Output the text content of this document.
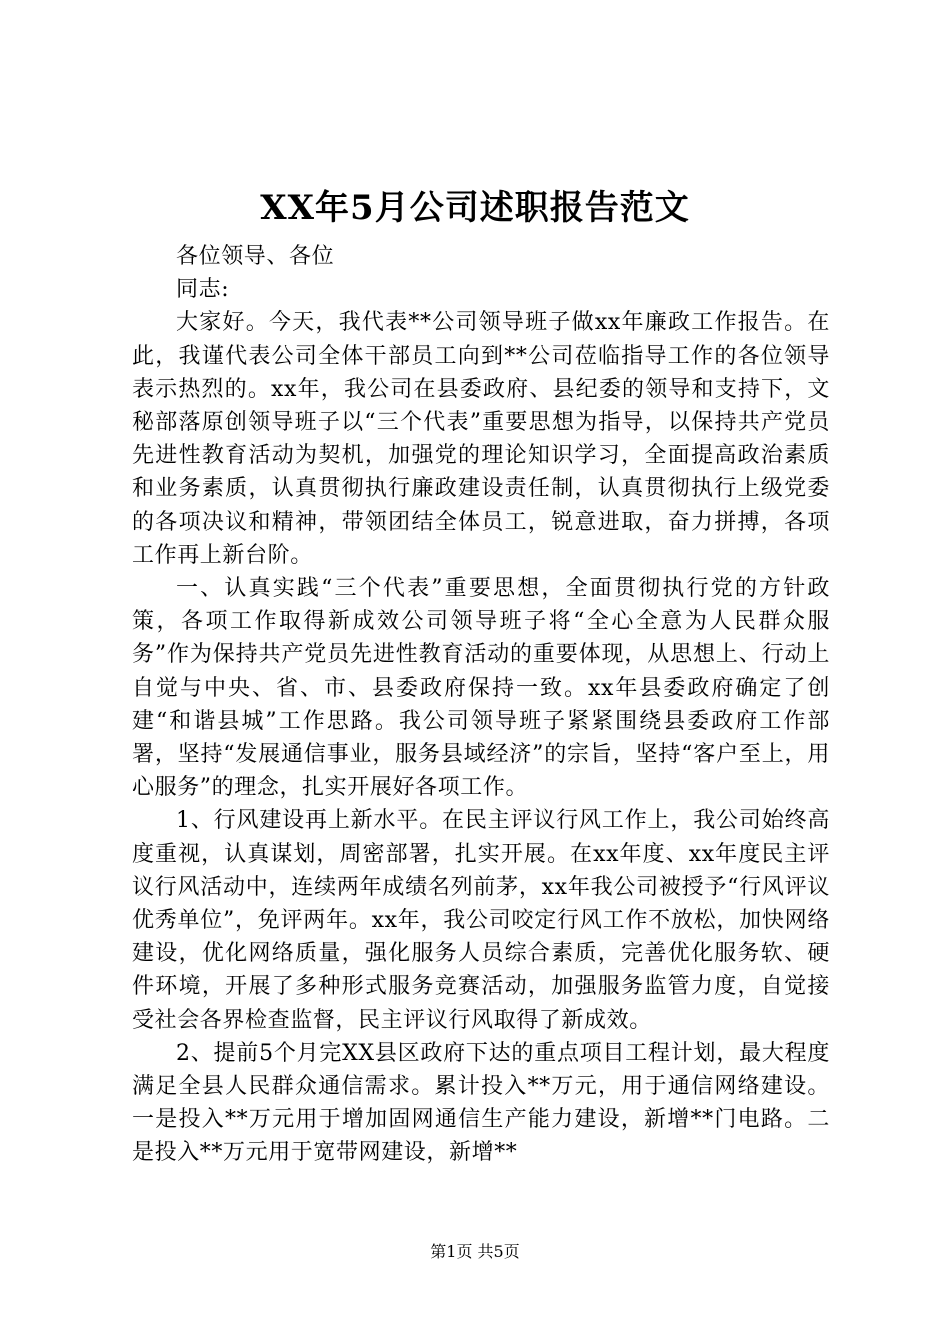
XX年5月公司述职报告范文

各位领导、各位

同志:

大家好。今天，我代表**公司领导班子做xx年廉政工作报告。在此，我谨代表公司全体干部员工向到**公司莅临指导工作的各位领导表示热烈的。xx年，我公司在县委政府、县纪委的领导和支持下，文秘部落原创领导班子以“三个代表”重要思想为指导，以保持共产党员先进性教育活动为契机，加强党的理论知识学习，全面提高政治素质和业务素质，认真贯彻执行廉政建设责任制，认真贯彻执行上级党委的各项决议和精神，带领团结全体员工，锐意进取，奋力拼搏，各项工作再上新台阶。

一、认真实践“三个代表”重要思想，全面贯彻执行党的方针政策，各项工作取得新成效公司领导班子将“全心全意为人民群众服务”作为保持共产党员先进性教育活动的重要体现，从思想上、行动上自觉与中央、省、市、县委政府保持一致。xx年县委政府确定了创建“和谐县城”工作思路。我公司领导班子紧紧围绕县委政府工作部署，坚持“发展通信事业，服务县域经济”的宗旨，坚持“客户至上，用心服务”的理念，扎实开展好各项工作。

1、行风建设再上新水平。在民主评议行风工作上，我公司始终高度重视，认真谋划，周密部署，扎实开展。在xx年度、xx年度民主评议行风活动中，连续两年成绩名列前茅，xx年我公司被授予“行风评议优秀单位”，免评两年。xx年，我公司咬定行风工作不放松，加快网络建设，优化网络质量，强化服务人员综合素质，完善优化服务软、硬件环境，开展了多种形式服务竞赛活动，加强服务监管力度，自觉接受社会各界检查监督，民主评议行风取得了新成效。

2、提前5个月完XX县区政府下达的重点项目工程计划，最大程度满足全县人民群众通信需求。累计投入**万元，用于通信网络建设。一是投入**万元用于增加固网通信生产能力建设，新增**门电路。二是投入**万元用于宽带网建设，新增**

第1页 共5页
